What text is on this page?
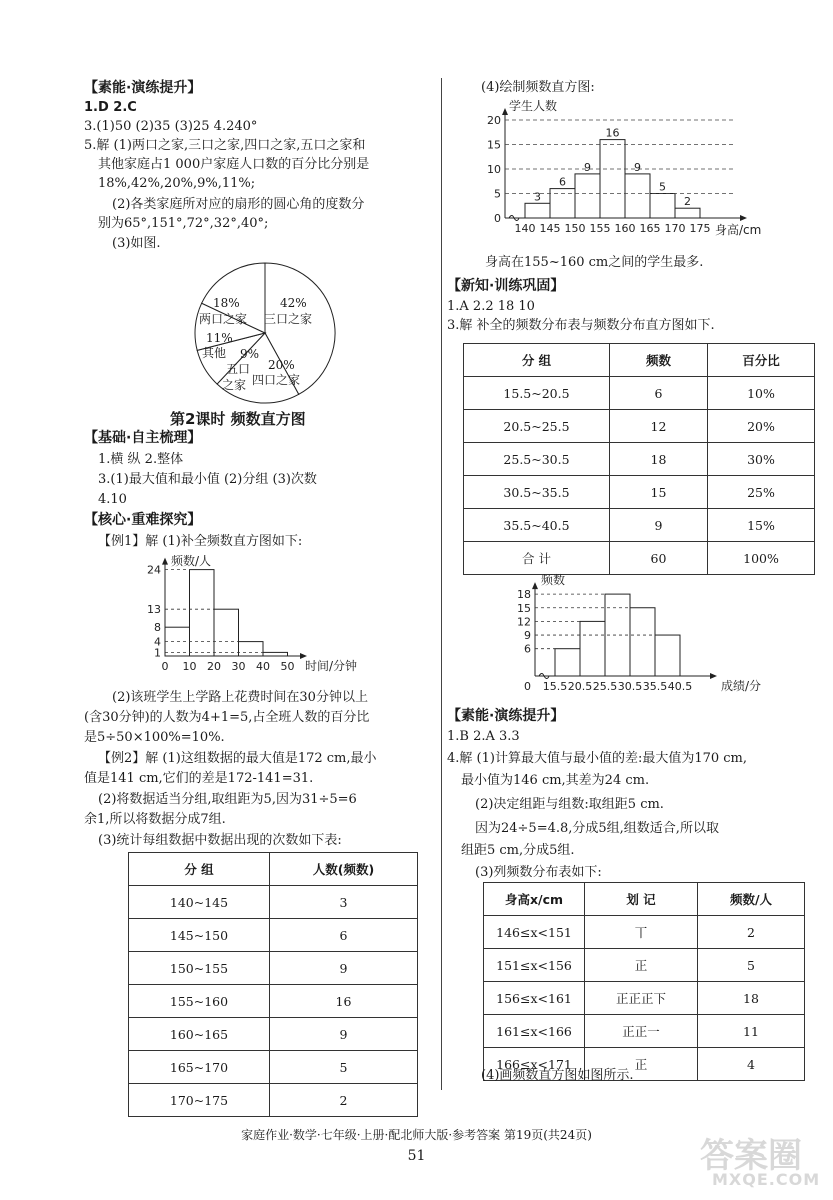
【素能·演练提升】
1.D 2.C
3.(1)50 (2)35 (3)25 4.240°
5.解 (1)两口之家,三口之家,四口之家,五口之家和
其他家庭占1 000户家庭人口数的百分比分别是
18%,42%,20%,9%,11%;
(2)各类家庭所对应的扇形的圆心角的度数分
别为65°,151°,72°,32°,40°;
(3)如图.
18%
两口之家
42%
三口之家
20%
四口之家
9%
五口
之家
11%
其他
第2课时 频数直方图
【基础·自主梳理】
1.横 纵 2.整体
3.(1)最大值和最小值 (2)分组 (3)次数
4.10
【核心·重难探究】
【例1】解 (1)补全频数直方图如下:
1
4
8
13
24
0 10 20 30 40 50
频数/人
时间/分钟
(2)该班学生上学路上花费时间在30分钟以上
(含30分钟)的人数为4+1=5,占全班人数的百分比
是5÷50×100%=10%.
【例2】解 (1)这组数据的最大值是172 cm,最小
值是141 cm,它们的差是172-141=31.
(2)将数据适当分组,取组距为5,因为31÷5=6
余1,所以将数据分成7组.
(3)统计每组数据中数据出现的次数如下表:
分 组	人数(频数)
140~145	3
145~150	6
150~155	9
155~160	16
160~165	9
165~170	5
170~175	2
(4)绘制频数直方图:
3
6
9
16
9
5
2
0
5
10
15
20
140 145 150 155 160 165 170 175
学生人数
身高/cm
身高在155~160 cm之间的学生最多.
【新知·训练巩固】
1.A 2.2 18 10
3.解 补全的频数分布表与频数分布直方图如下.
分 组	频数	百分比
15.5~20.5	6	10%
20.5~25.5	12	20%
25.5~30.5	18	30%
30.5~35.5	15	25%
35.5~40.5	9	15%
合 计	60	100%
6
9
12
15
18
15.5 20.5 25.5 30.5 35.5 40.5
频数
成绩/分
0
【素能·演练提升】
1.B 2.A 3.3
4.解 (1)计算最大值与最小值的差:最大值为170 cm,
最小值为146 cm,其差为24 cm.
(2)决定组距与组数:取组距5 cm.
因为24÷5=4.8,分成5组,组数适合,所以取
组距5 cm,分成5组.
(3)列频数分布表如下:
身高x/cm	划 记	频数/人
146≤x<151	丅	2
151≤x<156	正	5
156≤x<161	正正正下	18
161≤x<166	正正一	11
166≤x<171	正	4
(4)画频数直方图如图所示.
家庭作业·数学·七年级·上册·配北师大版·参考答案 第19页(共24页)
51	答案圈
MXQE.COM
